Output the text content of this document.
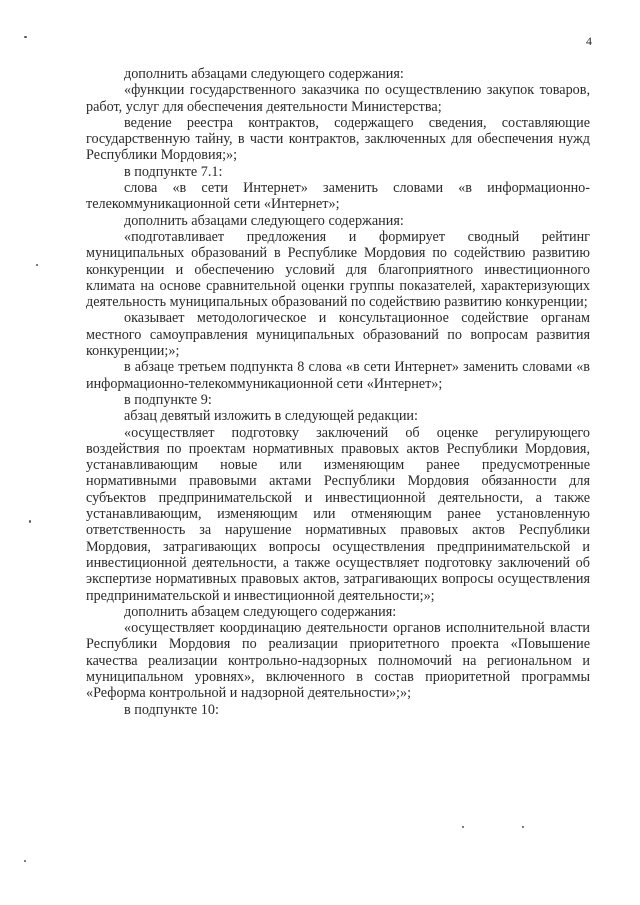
4

дополнить абзацами следующего содержания:

«функции государственного заказчика по осуществлению закупок товаров, работ, услуг для обеспечения деятельности Министерства;

ведение реестра контрактов, содержащего сведения, составляющие государственную тайну, в части контрактов, заключенных для обеспечения нужд Республики Мордовия;»;

в подпункте 7.1:

слова «в сети Интернет» заменить словами «в информационно-телекоммуникационной сети «Интернет»;

дополнить абзацами следующего содержания:

«подготавливает предложения и формирует сводный рейтинг муниципальных образований в Республике Мордовия по содействию развитию конкуренции и обеспечению условий для благоприятного инвестиционного климата на основе сравнительной оценки группы показателей, характеризующих деятельность муниципальных образований по содействию развитию конкуренции;

оказывает методологическое и консультационное содействие органам местного самоуправления муниципальных образований по вопросам развития конкуренции;»;

в абзаце третьем подпункта 8 слова «в сети Интернет» заменить словами «в информационно-телекоммуникационной сети «Интернет»;

в подпункте 9:

абзац девятый изложить в следующей редакции:

«осуществляет подготовку заключений об оценке регулирующего воздействия по проектам нормативных правовых актов Республики Мордовия, устанавливающим новые или изменяющим ранее предусмотренные нормативными правовыми актами Республики Мордовия обязанности для субъектов предпринимательской и инвестиционной деятельности, а также устанавливающим, изменяющим или отменяющим ранее установленную ответственность за нарушение нормативных правовых актов Республики Мордовия, затрагивающих вопросы осуществления предпринимательской и инвестиционной деятельности, а также осуществляет подготовку заключений об экспертизе нормативных правовых актов, затрагивающих вопросы осуществления предпринимательской и инвестиционной деятельности;»;

дополнить абзацем следующего содержания:

«осуществляет координацию деятельности органов исполнительной власти Республики Мордовия по реализации приоритетного проекта «Повышение качества реализации контрольно-надзорных полномочий на региональном и муниципальном уровнях», включенного в состав приоритетной программы «Реформа контрольной и надзорной деятельности»;»;

в подпункте 10:
